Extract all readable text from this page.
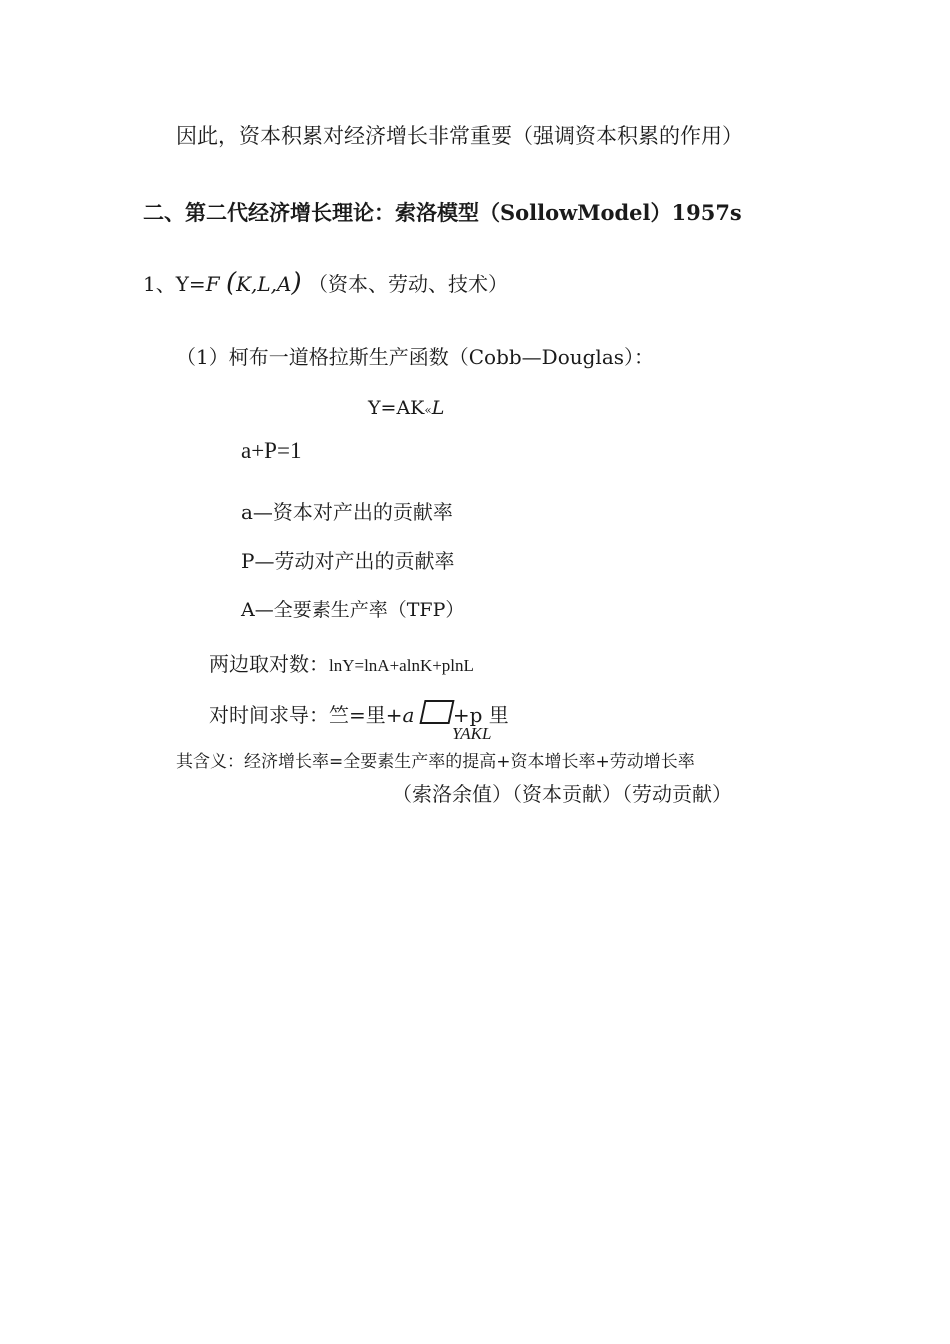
因此，资本积累对经济增长非常重要（强调资本积累的作用）
二、第二代经济增长理论：索洛模型（SollowModel）1957s
1、Y=F (K,L,A) （资本、劳动、技术）
（1）柯布一道格拉斯生产函数（Cobb—Douglas）：
Y=AK«L
a+P=1
a—资本对产出的贡献率
P—劳动对产出的贡献率
A—全要素生产率（TFP）
两边取对数：lnY=lnA+alnK+plnL
对时间求导：竺=里+a +p 里
YAKL
其含义：经济增长率=全要素生产率的提高+资本增长率+劳动增长率
（索洛余值）（资本贡献）（劳动贡献）
